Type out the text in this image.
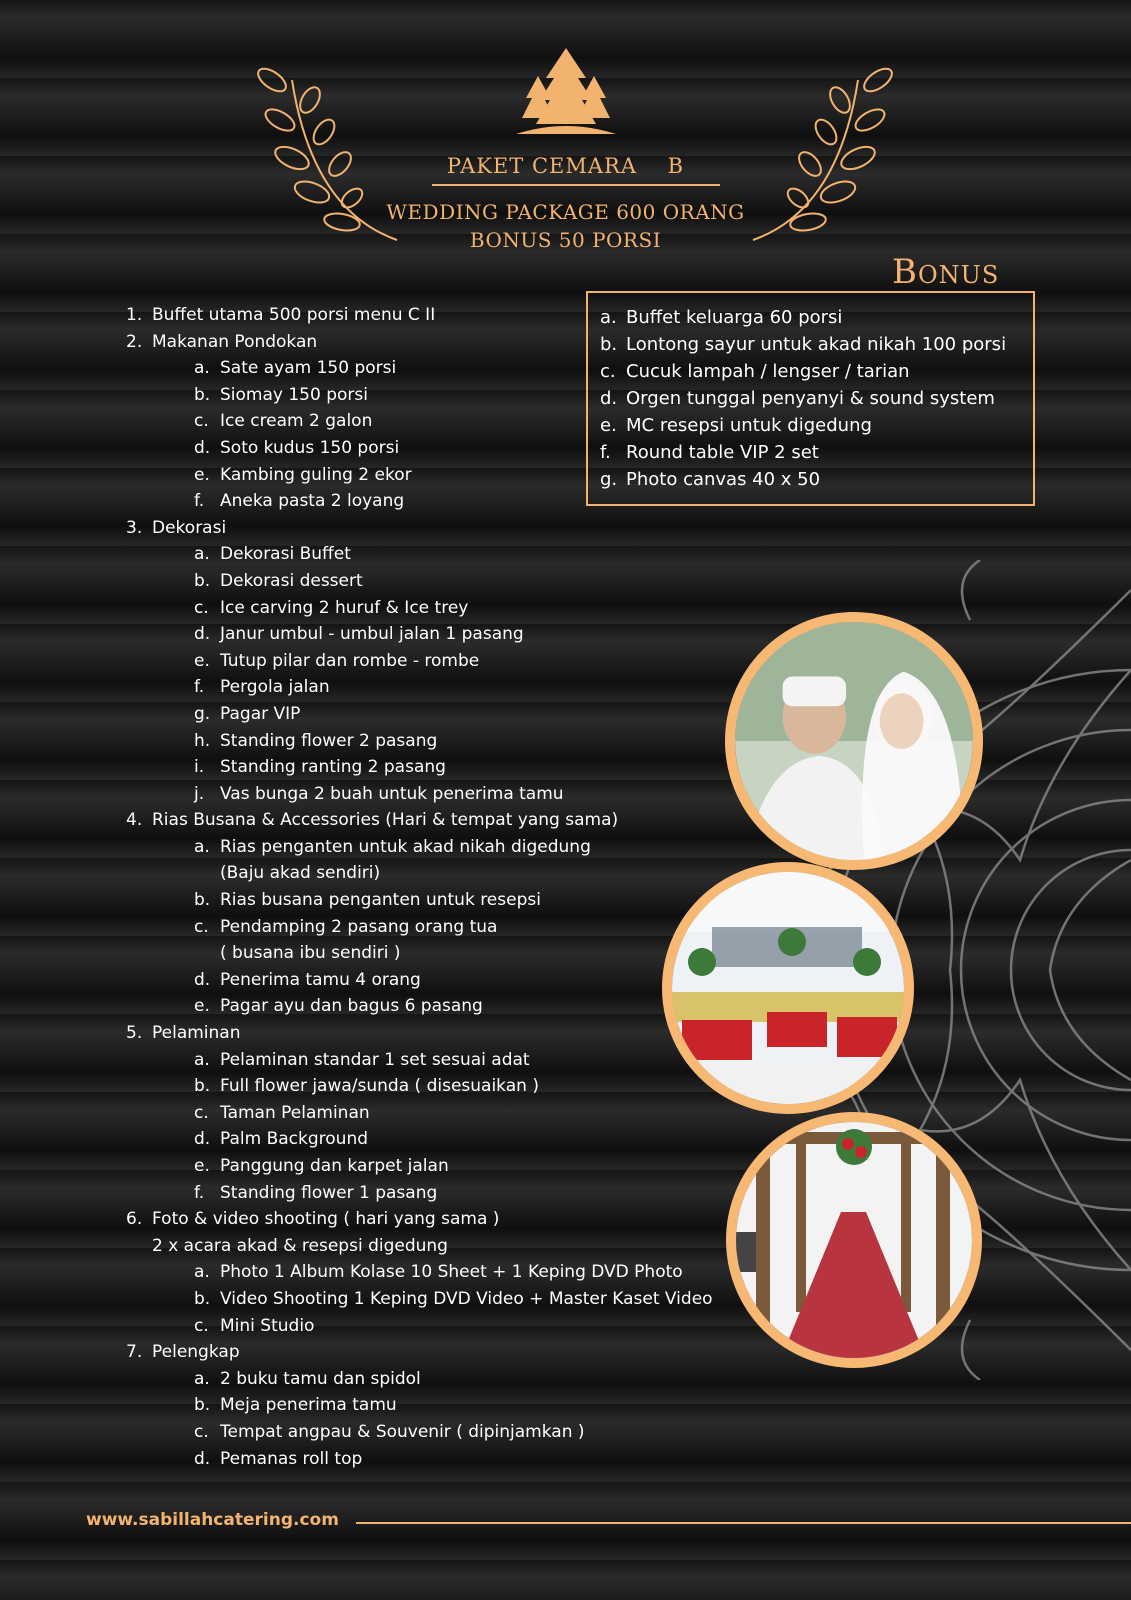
PAKET CEMARA    B
WEDDING PACKAGE 600 ORANG
BONUS 50 PORSI
Bonus
a. Buffet keluarga 60 porsi
b. Lontong sayur untuk akad nikah 100 porsi
c. Cucuk lampah / lengser / tarian
d. Orgen tunggal penyanyi & sound system
e. MC resepsi untuk digedung
f. Round table VIP 2 set
g. Photo canvas 40 x 50
1. Buffet utama 500 porsi menu C II
2. Makanan Pondokan
a. Sate ayam 150 porsi
b. Siomay 150 porsi
c. Ice cream 2 galon
d. Soto kudus 150 porsi
e. Kambing guling 2 ekor
f. Aneka pasta 2 loyang
3. Dekorasi
a. Dekorasi Buffet
b. Dekorasi dessert
c. Ice carving 2 huruf & Ice trey
d. Janur umbul - umbul jalan 1 pasang
e. Tutup pilar dan rombe - rombe
f. Pergola jalan
g. Pagar VIP
h. Standing flower 2 pasang
i. Standing ranting 2 pasang
j. Vas bunga 2 buah untuk penerima tamu
4. Rias Busana & Accessories (Hari & tempat yang sama)
a. Rias penganten untuk akad nikah digedung
(Baju akad sendiri)
b. Rias busana penganten untuk resepsi
c. Pendamping 2 pasang orang tua
( busana ibu sendiri )
d. Penerima tamu 4 orang
e. Pagar ayu dan bagus 6 pasang
5. Pelaminan
a. Pelaminan standar 1 set sesuai adat
b. Full flower jawa/sunda ( disesuaikan )
c. Taman Pelaminan
d. Palm Background
e. Panggung dan karpet jalan
f. Standing flower 1 pasang
6. Foto & video shooting ( hari yang sama )
2 x acara akad & resepsi digedung
a. Photo 1 Album Kolase 10 Sheet + 1 Keping DVD Photo
b. Video Shooting 1 Keping DVD Video + Master Kaset Video
c. Mini Studio
7. Pelengkap
a. 2 buku tamu dan spidol
b. Meja penerima tamu
c. Tempat angpau & Souvenir ( dipinjamkan )
d. Pemanas roll top
www.sabillahcatering.com
